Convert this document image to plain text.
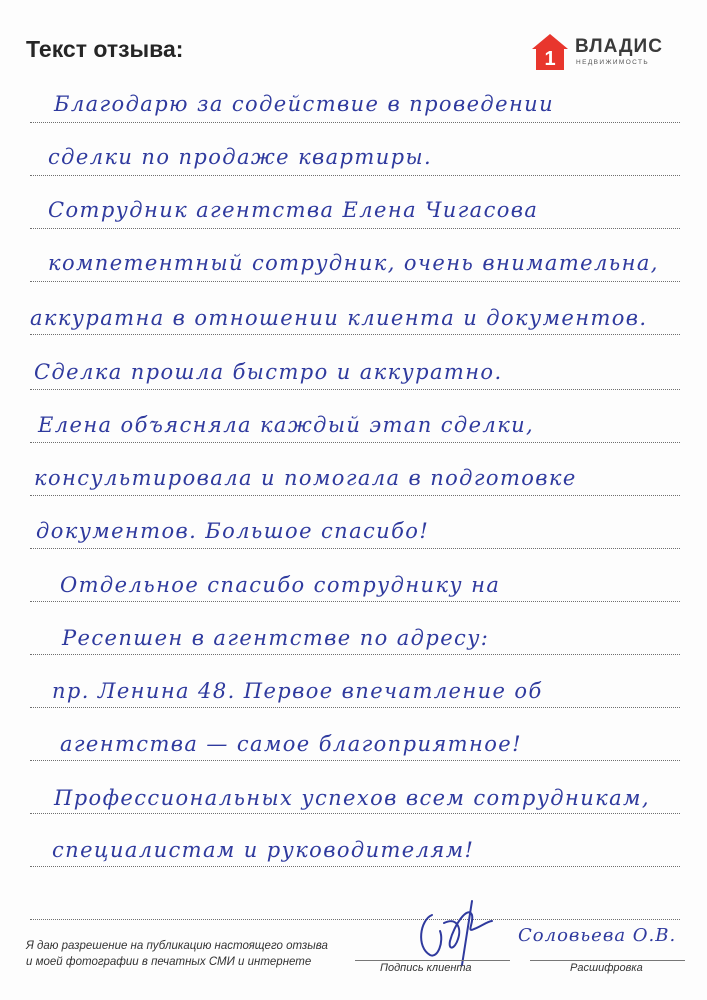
Текст отзыва:	1
ВЛАДИС
НЕДВИЖИМОСТЬ
Благодарю за содействие в проведении
сделки по продаже квартиры.
Сотрудник агентства Елена Чигасова
компетентный сотрудник, очень внимательна,
аккуратна в отношении клиента и документов.
Сделка прошла быстро и аккуратно.
Елена объясняла каждый этап сделки,
консультировала и помогала в подготовке
документов. Большое спасибо!
Отдельное спасибо сотруднику на
Ресепшен в агентстве по адресу:
пр. Ленина 48. Первое впечатление об
агентства — самое благоприятное!
Профессиональных успехов всем сотрудникам,
специалистам и руководителям!
Я даю разрешение на публикацию настоящего отзыва
и моей фотографии в печатных СМИ и интернете
Соловьева О.В.
Подпись клиента	Расшифровка
